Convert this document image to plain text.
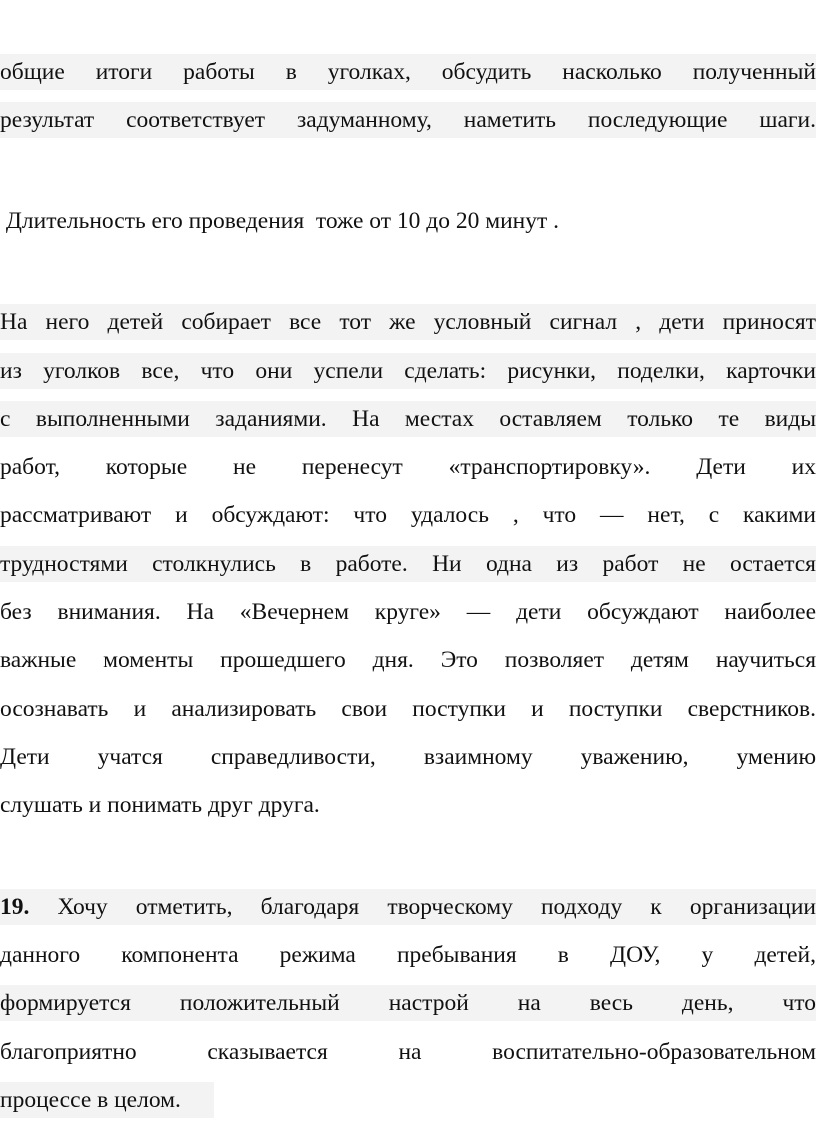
общие итоги работы в уголках, обсудить насколько полученный
результат соответствует задуманному, наметить последующие шаги.
Длительность его проведения  тоже от 10 до 20 минут .
На него детей собирает все тот же условный сигнал , дети приносят
из уголков все, что они успели сделать: рисунки, поделки, карточки
с выполненными заданиями. На местах оставляем только те виды
работ, которые не перенесут «транспортировку». Дети их
рассматривают и обсуждают: что удалось , что — нет, с какими
трудностями столкнулись в работе. Ни одна из работ не остается
без внимания. На «Вечернем круге» — дети обсуждают наиболее
важные моменты прошедшего дня. Это позволяет детям научиться
осознавать и анализировать свои поступки и поступки сверстников.
Дети учатся справедливости, взаимному уважению, умению
слушать и понимать друг друга.
19. Хочу отметить, благодаря творческому подходу к организации
данного компонента режима пребывания в ДОУ, у детей,
формируется положительный настрой на весь день, что
благоприятно сказывается на воспитательно-образовательном
процессе в целом.
